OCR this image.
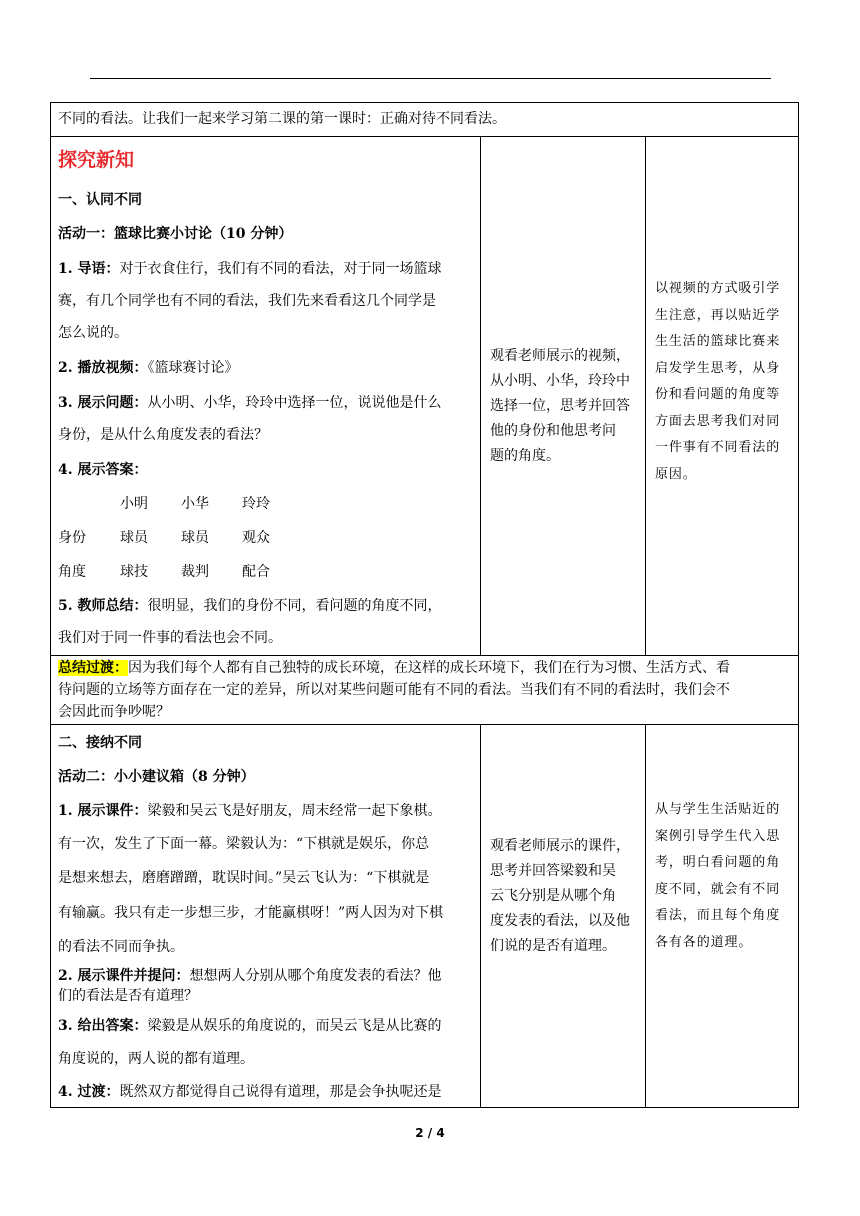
不同的看法。让我们一起来学习第二课的第一课时：正确对待不同看法。
探究新知
一、认同不同
活动一：篮球比赛小讨论（10 分钟）
1. 导语：对于衣食住行，我们有不同的看法，对于同一场篮球
赛，有几个同学也有不同的看法，我们先来看看这几个同学是
怎么说的。
2. 播放视频：《篮球赛讨论》
3. 展示问题：从小明、小华，玲玲中选择一位，说说他是什么
身份，是从什么角度发表的看法？
4. 展示答案：
小明 小华 玲玲
身份 球员 球员 观众
角度 球技 裁判 配合
5. 教师总结：很明显，我们的身份不同，看问题的角度不同，
我们对于同一件事的看法也会不同。
观看老师展示的视频，
从小明、小华，玲玲中
选择一位，思考并回答
他的身份和他思考问
题的角度。
以视频的方式吸引学
生注意，再以贴近学
生生活的篮球比赛来
启发学生思考，从身
份和看问题的角度等
方面去思考我们对同
一件事有不同看法的
原因。
总结过渡：因为我们每个人都有自己独特的成长环境，在这样的成长环境下，我们在行为习惯、生活方式、看
待问题的立场等方面存在一定的差异，所以对某些问题可能有不同的看法。当我们有不同的看法时，我们会不
会因此而争吵呢？
二、接纳不同
活动二：小小建议箱（8 分钟）
1. 展示课件：梁毅和吴云飞是好朋友，周末经常一起下象棋。
有一次，发生了下面一幕。梁毅认为：“下棋就是娱乐，你总
是想来想去，磨磨蹭蹭，耽误时间。”吴云飞认为：“下棋就是
有输赢。我只有走一步想三步，才能赢棋呀！”两人因为对下棋
的看法不同而争执。
2. 展示课件并提问：想想两人分别从哪个角度发表的看法？他
们的看法是否有道理？
3. 给出答案：梁毅是从娱乐的角度说的，而吴云飞是从比赛的
角度说的，两人说的都有道理。
4. 过渡：既然双方都觉得自己说得有道理，那是会争执呢还是
观看老师展示的课件，
思考并回答梁毅和吴
云飞分别是从哪个角
度发表的看法，以及他
们说的是否有道理。
从与学生生活贴近的
案例引导学生代入思
考，明白看问题的角
度不同，就会有不同
看法，而且每个角度
各有各的道理。
2 / 4
